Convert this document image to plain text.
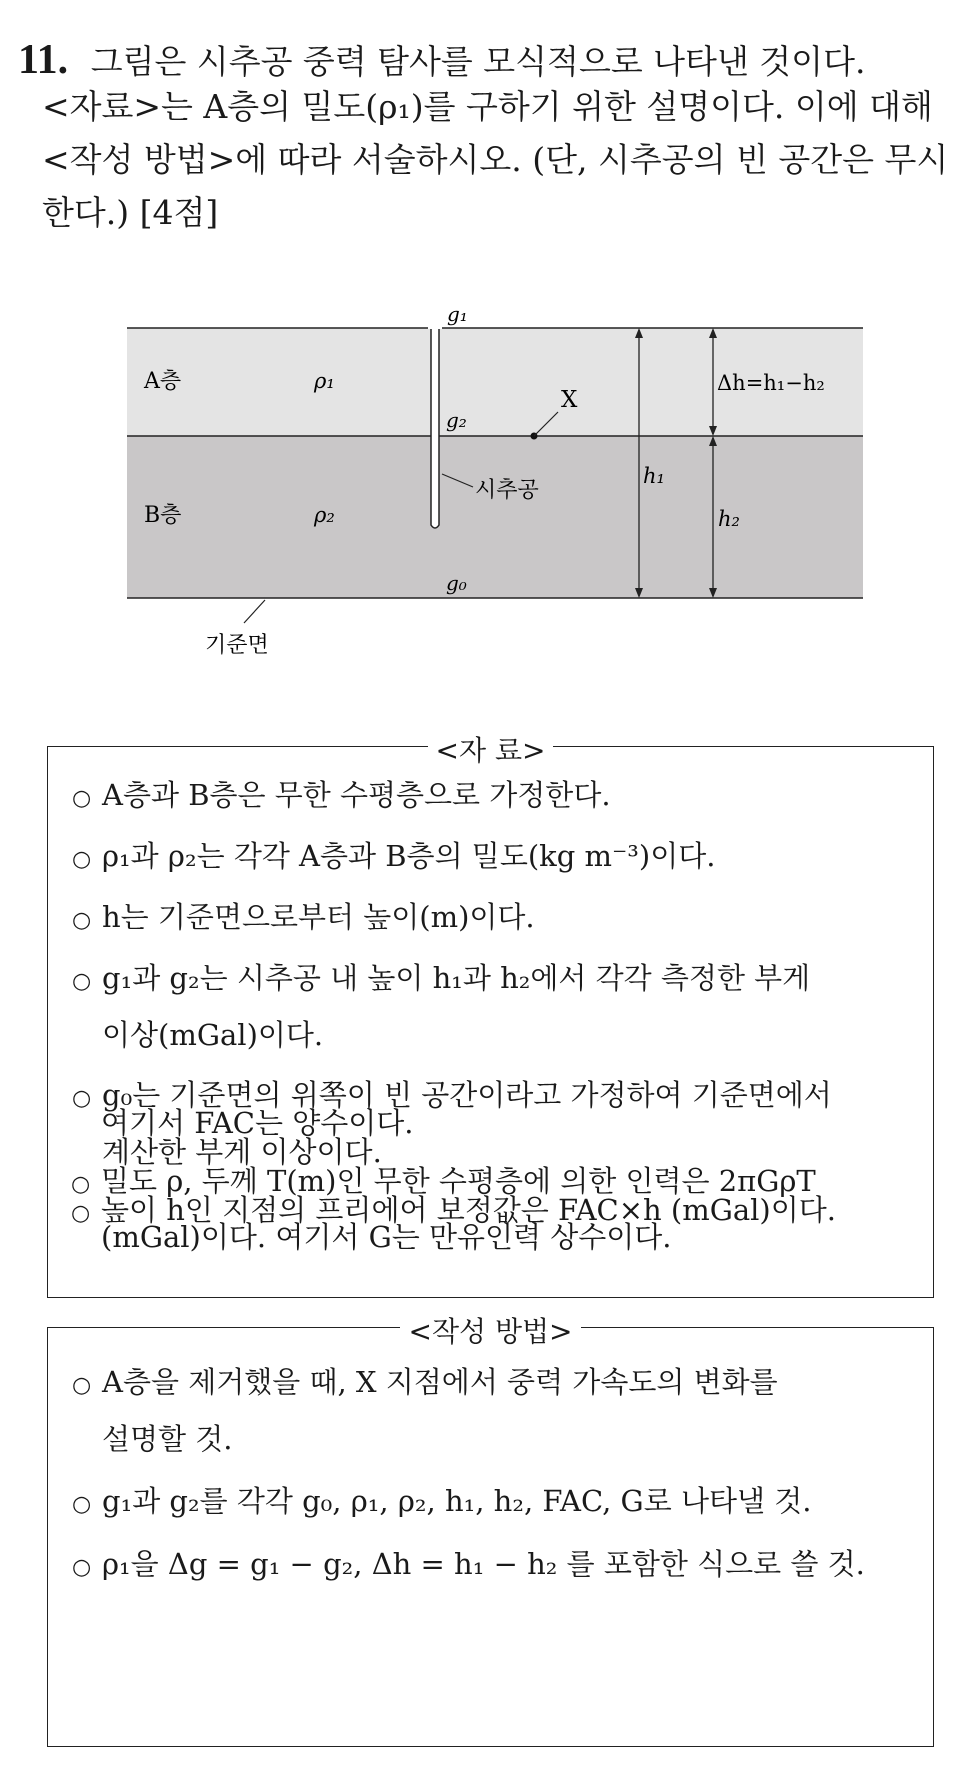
11. 그림은 시추공 중력 탐사를 모식적으로 나타낸 것이다.
<자료>는 A층의 밀도(ρ₁)를 구하기 위한 설명이다. 이에 대해
<작성 방법>에 따라 서술하시오. (단, 시추공의 빈 공간은 무시
한다.) [4점]
g₁
g₂
g₀
A층
B층
ρ₁
ρ₂
X
시추공
h₁
Δh=h₁−h₂
h₂
기준면
<자 료>
○ A층과 B층은 무한 수평층으로 가정한다.
○ ρ₁과 ρ₂는 각각 A층과 B층의 밀도(kg m⁻³)이다.
○ h는 기준면으로부터 높이(m)이다.
○ g₁과 g₂는 시추공 내 높이 h₁과 h₂에서 각각 측정한 부게
이상(mGal)이다.
○ g₀는 기준면의 위쪽이 빈 공간이라고 가정하여 기준면에서
계산한 부게 이상이다.
○ 높이 h인 지점의 프리에어 보정값은 FAC×h (mGal)이다.
여기서 FAC는 양수이다.
○ 밀도 ρ, 두께 T(m)인 무한 수평층에 의한 인력은 2πGρT
(mGal)이다. 여기서 G는 만유인력 상수이다.
<작성 방법>
○ A층을 제거했을 때, X 지점에서 중력 가속도의 변화를
설명할 것.
○ g₁과 g₂를 각각 g₀, ρ₁, ρ₂, h₁, h₂, FAC, G로 나타낼 것.
○ ρ₁을 Δg = g₁ − g₂, Δh = h₁ − h₂ 를 포함한 식으로 쓸 것.
